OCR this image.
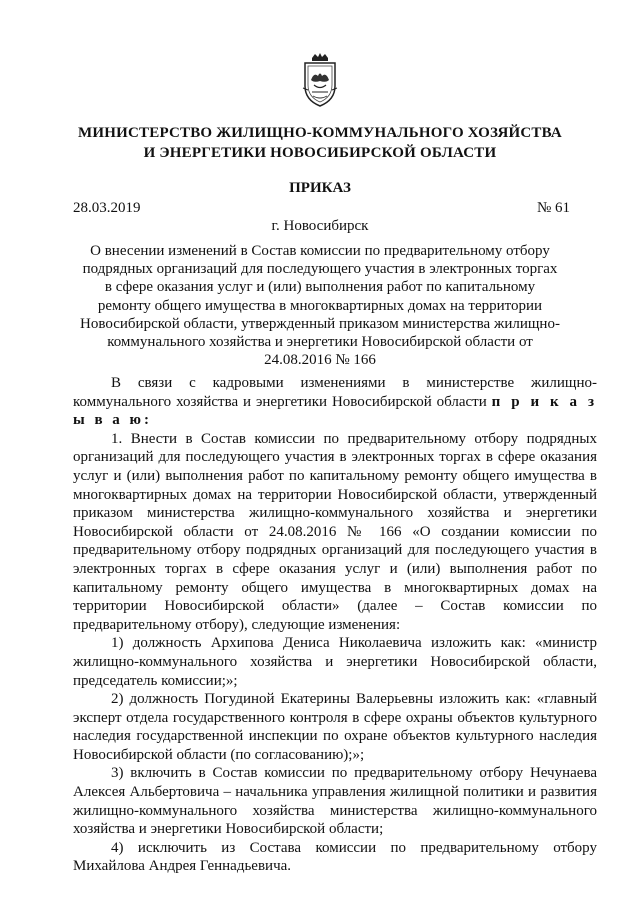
МИНИСТЕРСТВО ЖИЛИЩНО-КОММУНАЛЬНОГО ХОЗЯЙСТВА
И ЭНЕРГЕТИКИ НОВОСИБИРСКОЙ ОБЛАСТИ
ПРИКАЗ
28.03.2019	№ 61
г. Новосибирск
О внесении изменений в Состав комиссии по предварительному отбору подрядных организаций для последующего участия в электронных торгах в сфере оказания услуг и (или) выполнения работ по капитальному ремонту общего имущества в многоквартирных домах на территории Новосибирской области, утвержденный приказом министерства жилищно-коммунального хозяйства и энергетики Новосибирской области от 24.08.2016 № 166

В связи с кадровыми изменениями в министерстве жилищно-коммунального хозяйства и энергетики Новосибирской области п р и к а з ы в а ю:

1. Внести в Состав комиссии по предварительному отбору подрядных организаций для последующего участия в электронных торгах в сфере оказания услуг и (или) выполнения работ по капитальному ремонту общего имущества в многоквартирных домах на территории Новосибирской области, утвержденный приказом министерства жилищно-коммунального хозяйства и энергетики Новосибирской области от 24.08.2016 № 166 «О создании комиссии по предварительному отбору подрядных организаций для последующего участия в электронных торгах в сфере оказания услуг и (или) выполнения работ по капитальному ремонту общего имущества в многоквартирных домах на территории Новосибирской области» (далее – Состав комиссии по предварительному отбору), следующие изменения:

1) должность Архипова Дениса Николаевича изложить как: «министр жилищно-коммунального хозяйства и энергетики Новосибирской области, председатель комиссии;»;

2) должность Погудиной Екатерины Валерьевны изложить как: «главный эксперт отдела государственного контроля в сфере охраны объектов культурного наследия государственной инспекции по охране объектов культурного наследия Новосибирской области (по согласованию);»;

3) включить в Состав комиссии по предварительному отбору Нечунаева Алексея Альбертовича – начальника управления жилищной политики и развития жилищно-коммунального хозяйства министерства жилищно-коммунального хозяйства и энергетики Новосибирской области;

4) исключить из Состава комиссии по предварительному отбору Михайлова Андрея Геннадьевича.
